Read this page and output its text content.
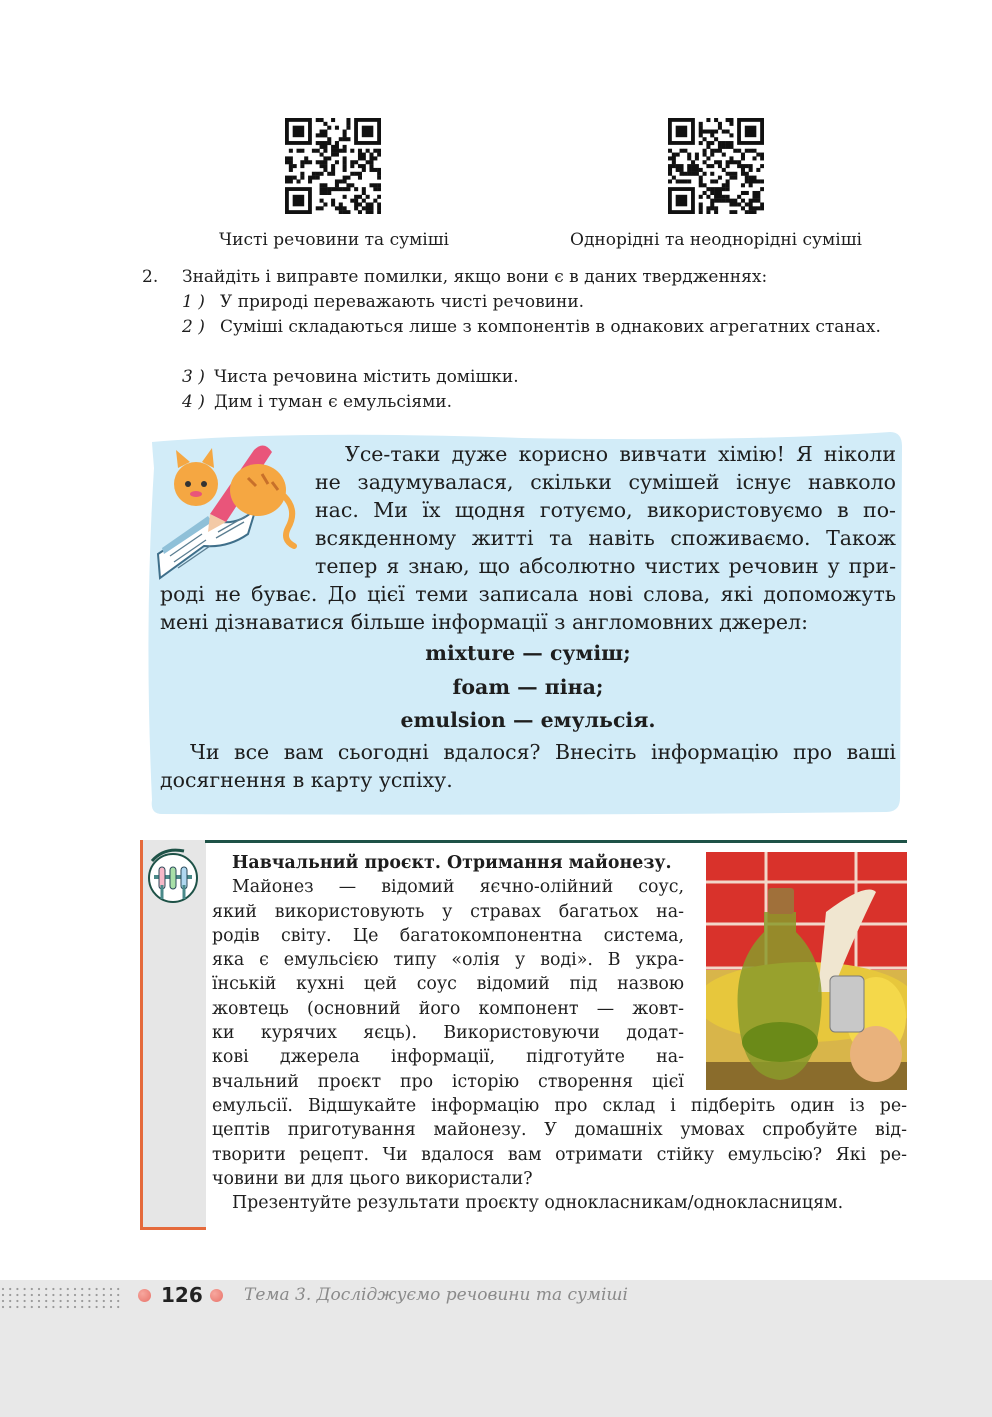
Чисті речовини та суміші	Однорідні та неоднорідні суміші
2. Знайдіть і виправте помилки, якщо вони є в даних твердженнях:
1 ) У природі переважають чисті речовини.
2 ) Суміші складаються лише з компонентів в однакових агрегатних станах.
3 ) Чиста речовина містить домішки.
4 ) Дим і туман є емульсіями.
Усе-таки дуже корисно вивчати хімію! Я ніколи
не задумувалася, скільки сумішей існує навколо
нас. Ми їх щодня готуємо, використовуємо в по-
всякденному житті та навіть споживаємо. Також
тепер я знаю, що абсолютно чистих речовин у при-
роді не буває. До цієї теми записала нові слова, які допоможуть
мені дізнаватися більше інформації з англомовних джерел:
mixture — суміш;
foam — піна;
emulsion — емульсія.
Чи все вам сьогодні вдалося? Внесіть інформацію про ваші досягнення в карту успіху.
Навчальний проєкт. Отримання майонезу.
Майонез — відомий яєчно-олійний соус,
який використовують у стравах багатьох на-
родів світу. Це багатокомпонентна система,
яка є емульсією типу «олія у воді». В укра-
їнській кухні цей соус відомий під назвою
жовтець (основний його компонент — жовт-
ки курячих яєць). Використовуючи додат-
кові джерела інформації, підготуйте на-
вчальний проєкт про історію створення цієї
емульсії. Відшукайте інформацію про склад і підберіть один із ре-
цептів приготування майонезу. У домашніх умовах спробуйте від-
творити рецепт. Чи вдалося вам отримати стійку емульсію? Які ре-
човини ви для цього використали?
Презентуйте результати проєкту однокласникам/однокласницям.
126 Тема 3. Досліджуємо речовини та суміші
